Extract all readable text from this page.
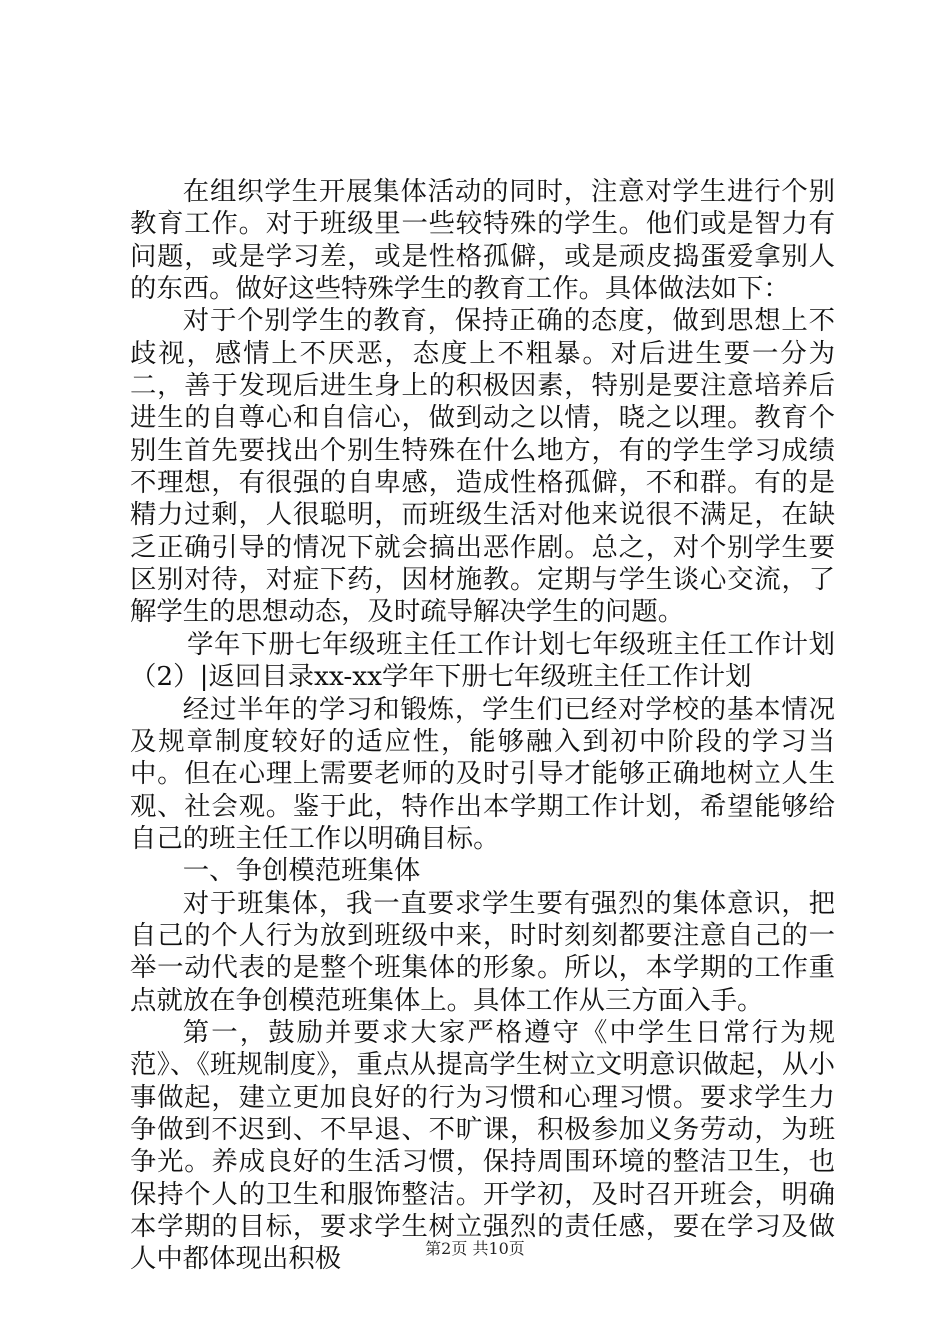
在组织学生开展集体活动的同时，注意对学生进行个别教育工作。对于班级里一些较特殊的学生。他们或是智力有问题，或是学习差，或是性格孤僻，或是顽皮捣蛋爱拿别人的东西。做好这些特殊学生的教育工作。具体做法如下：

对于个别学生的教育，保持正确的态度，做到思想上不歧视，感情上不厌恶，态度上不粗暴。对后进生要一分为二，善于发现后进生身上的积极因素，特别是要注意培养后进生的自尊心和自信心，做到动之以情，晓之以理。教育个别生首先要找出个别生特殊在什么地方，有的学生学习成绩不理想，有很强的自卑感，造成性格孤僻，不和群。有的是精力过剩，人很聪明，而班级生活对他来说很不满足，在缺乏正确引导的情况下就会搞出恶作剧。总之，对个别学生要区别对待，对症下药，因材施教。定期与学生谈心交流，了解学生的思想动态，及时疏导解决学生的问题。

学年下册七年级班主任工作计划七年级班主任工作计划（2）|返回目录xx-xx学年下册七年级班主任工作计划

经过半年的学习和锻炼，学生们已经对学校的基本情况及规章制度较好的适应性，能够融入到初中阶段的学习当中。但在心理上需要老师的及时引导才能够正确地树立人生观、社会观。鉴于此，特作出本学期工作计划，希望能够给自己的班主任工作以明确目标。

一、争创模范班集体

对于班集体，我一直要求学生要有强烈的集体意识，把自己的个人行为放到班级中来，时时刻刻都要注意自己的一举一动代表的是整个班集体的形象。所以，本学期的工作重点就放在争创模范班集体上。具体工作从三方面入手。

第一，鼓励并要求大家严格遵守《中学生日常行为规范》、《班规制度》，重点从提高学生树立文明意识做起，从小事做起，建立更加良好的行为习惯和心理习惯。要求学生力争做到不迟到、不早退、不旷课，积极参加义务劳动，为班争光。养成良好的生活习惯，保持周围环境的整洁卫生，也保持个人的卫生和服饰整洁。开学初，及时召开班会，明确本学期的目标，要求学生树立强烈的责任感，要在学习及做人中都体现出积极	第2页 共10页
